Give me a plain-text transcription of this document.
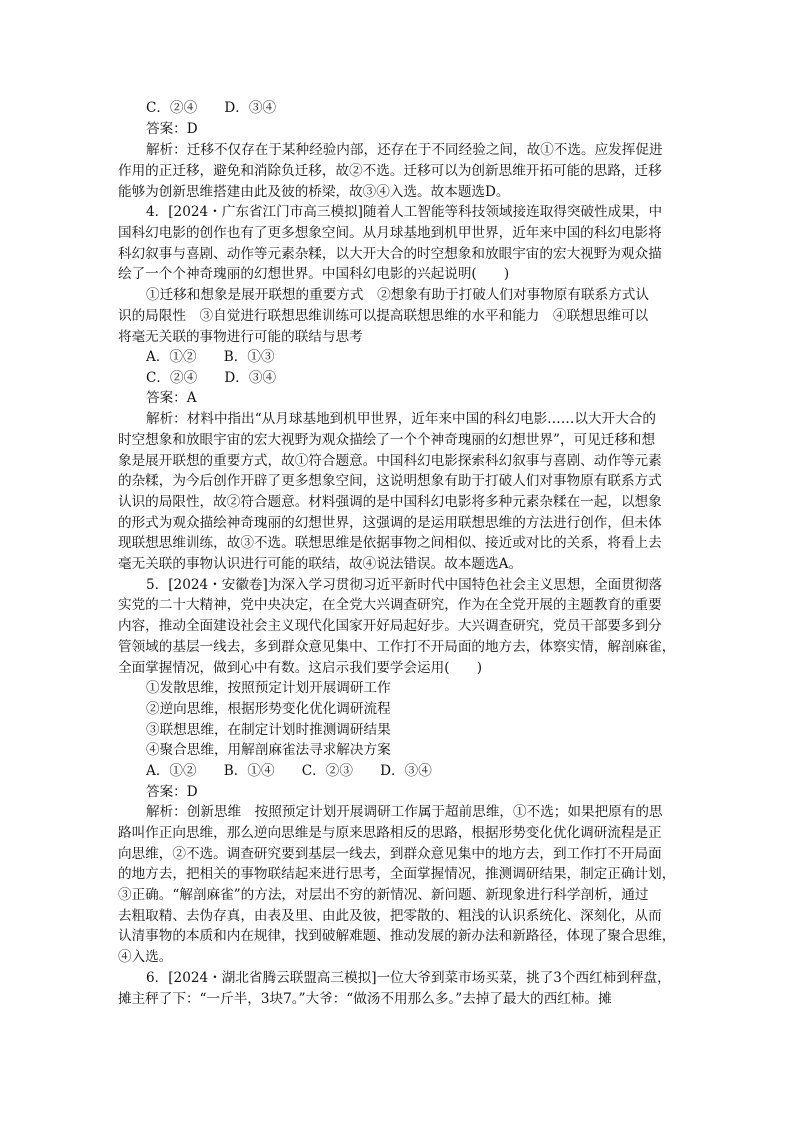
C．②④　　D．③④
答案：D
解析：迁移不仅存在于某种经验内部，还存在于不同经验之间，故①不选。应发挥促进
作用的正迁移，避免和消除负迁移，故②不选。迁移可以为创新思维开拓可能的思路，迁移
能够为创新思维搭建由此及彼的桥梁，故③④入选。故本题选D。
4．[2024・广东省江门市高三模拟]随着人工智能等科技领域接连取得突破性成果，中
国科幻电影的创作也有了更多想象空间。从月球基地到机甲世界，近年来中国的科幻电影将
科幻叙事与喜剧、动作等元素杂糅，以大开大合的时空想象和放眼宇宙的宏大视野为观众描
绘了一个个神奇瑰丽的幻想世界。中国科幻电影的兴起说明(　　)
①迁移和想象是展开联想的重要方式　②想象有助于打破人们对事物原有联系方式认
识的局限性　③自觉进行联想思维训练可以提高联想思维的水平和能力　④联想思维可以
将毫无关联的事物进行可能的联结与思考
A．①②　　B．①③
C．②④　　D．③④
答案：A
解析：材料中指出“从月球基地到机甲世界，近年来中国的科幻电影……以大开大合的
时空想象和放眼宇宙的宏大视野为观众描绘了一个个神奇瑰丽的幻想世界”，可见迁移和想
象是展开联想的重要方式，故①符合题意。中国科幻电影探索科幻叙事与喜剧、动作等元素
的杂糅，为今后创作开辟了更多想象空间，这说明想象有助于打破人们对事物原有联系方式
认识的局限性，故②符合题意。材料强调的是中国科幻电影将多种元素杂糅在一起，以想象
的形式为观众描绘神奇瑰丽的幻想世界，这强调的是运用联想思维的方法进行创作，但未体
现联想思维训练，故③不选。联想思维是依据事物之间相似、接近或对比的关系，将看上去
毫无关联的事物认识进行可能的联结，故④说法错误。故本题选A。
5．[2024・安徽卷]为深入学习贯彻习近平新时代中国特色社会主义思想，全面贯彻落
实党的二十大精神，党中央决定，在全党大兴调查研究，作为在全党开展的主题教育的重要
内容，推动全面建设社会主义现代化国家开好局起好步。大兴调查研究，党员干部要多到分
管领域的基层一线去，多到群众意见集中、工作打不开局面的地方去，体察实情，解剖麻雀，
全面掌握情况，做到心中有数。这启示我们要学会运用(　　)
①发散思维，按照预定计划开展调研工作
②逆向思维，根据形势变化优化调研流程
③联想思维，在制定计划时推测调研结果
④聚合思维，用解剖麻雀法寻求解决方案
A．①②　　B．①④　　C．②③　　D．③④
答案：D
解析：创新思维　按照预定计划开展调研工作属于超前思维，①不选；如果把原有的思
路叫作正向思维，那么逆向思维是与原来思路相反的思路，根据形势变化优化调研流程是正
向思维，②不选。调查研究要到基层一线去，到群众意见集中的地方去，到工作打不开局面
的地方去，把相关的事物联结起来进行思考，全面掌握情况，推测调研结果，制定正确计划，
③正确。“解剖麻雀”的方法，对层出不穷的新情况、新问题、新现象进行科学剖析，通过
去粗取精、去伪存真，由表及里、由此及彼，把零散的、粗浅的认识系统化、深刻化，从而
认清事物的本质和内在规律，找到破解难题、推动发展的新办法和新路径，体现了聚合思维，
④入选。
6．[2024・湖北省腾云联盟高三模拟]一位大爷到菜市场买菜，挑了3个西红柿到秤盘，
摊主秤了下：“一斤半，3块7。”大爷：“做汤不用那么多。”去掉了最大的西红柿。摊
